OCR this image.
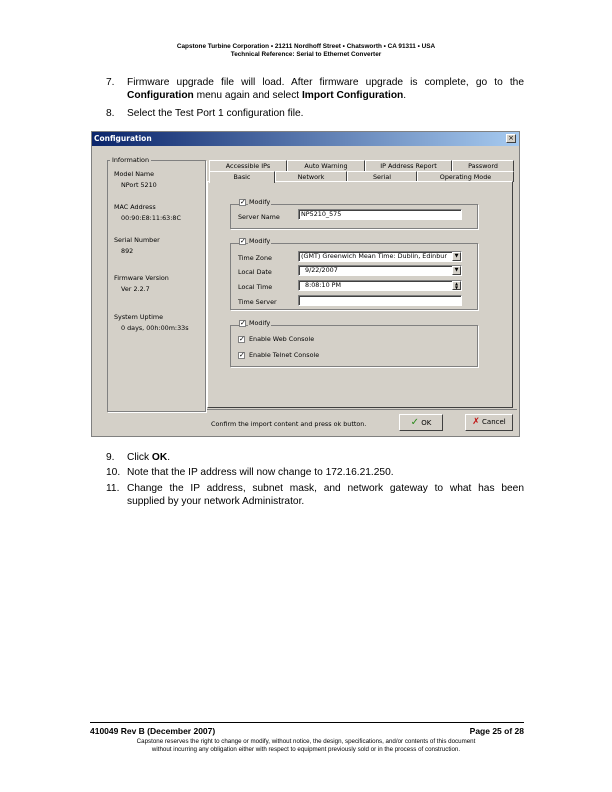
Capstone Turbine Corporation • 21211 Nordhoff Street • Chatsworth • CA 91311 • USA
Technical Reference: Serial to Ethernet Converter
7. Firmware upgrade file will load. After firmware upgrade is complete, go to the
Configuration menu again and select Import Configuration.
8. Select the Test Port 1 configuration file.
Configuration	×
Information
Model Name
NPort 5210
MAC Address
00:90:E8:11:63:8C
Serial Number
892
Firmware Version
Ver 2.2.7
System Uptime
0 days, 00h:00m:33s
Accessible IPs	Auto Warning	IP Address Report	Password
Basic	Network	Serial	Operating Mode
✓ Modify
Server Name	NP5210_575
✓ Modify
Time Zone	(GMT) Greenwich Mean Time: Dublin, Edinbur	▼
Local Date	9/22/2007	▼
Local Time	8:08:10 PM	▲
▼
Time Server
✓ Modify
✓ Enable Web Console
✓ Enable Telnet Console
Confirm the import content and press ok button.	✓ OK	✗ Cancel
9. Click OK.
10. Note that the IP address will now change to 172.16.21.250.
11. Change the IP address, subnet mask, and network gateway to what has been
supplied by your network Administrator.
410049 Rev B (December 2007)	Page 25 of 28
Capstone reserves the right to change or modify, without notice, the design, specifications, and/or contents of this document
without incurring any obligation either with respect to equipment previously sold or in the process of construction.
